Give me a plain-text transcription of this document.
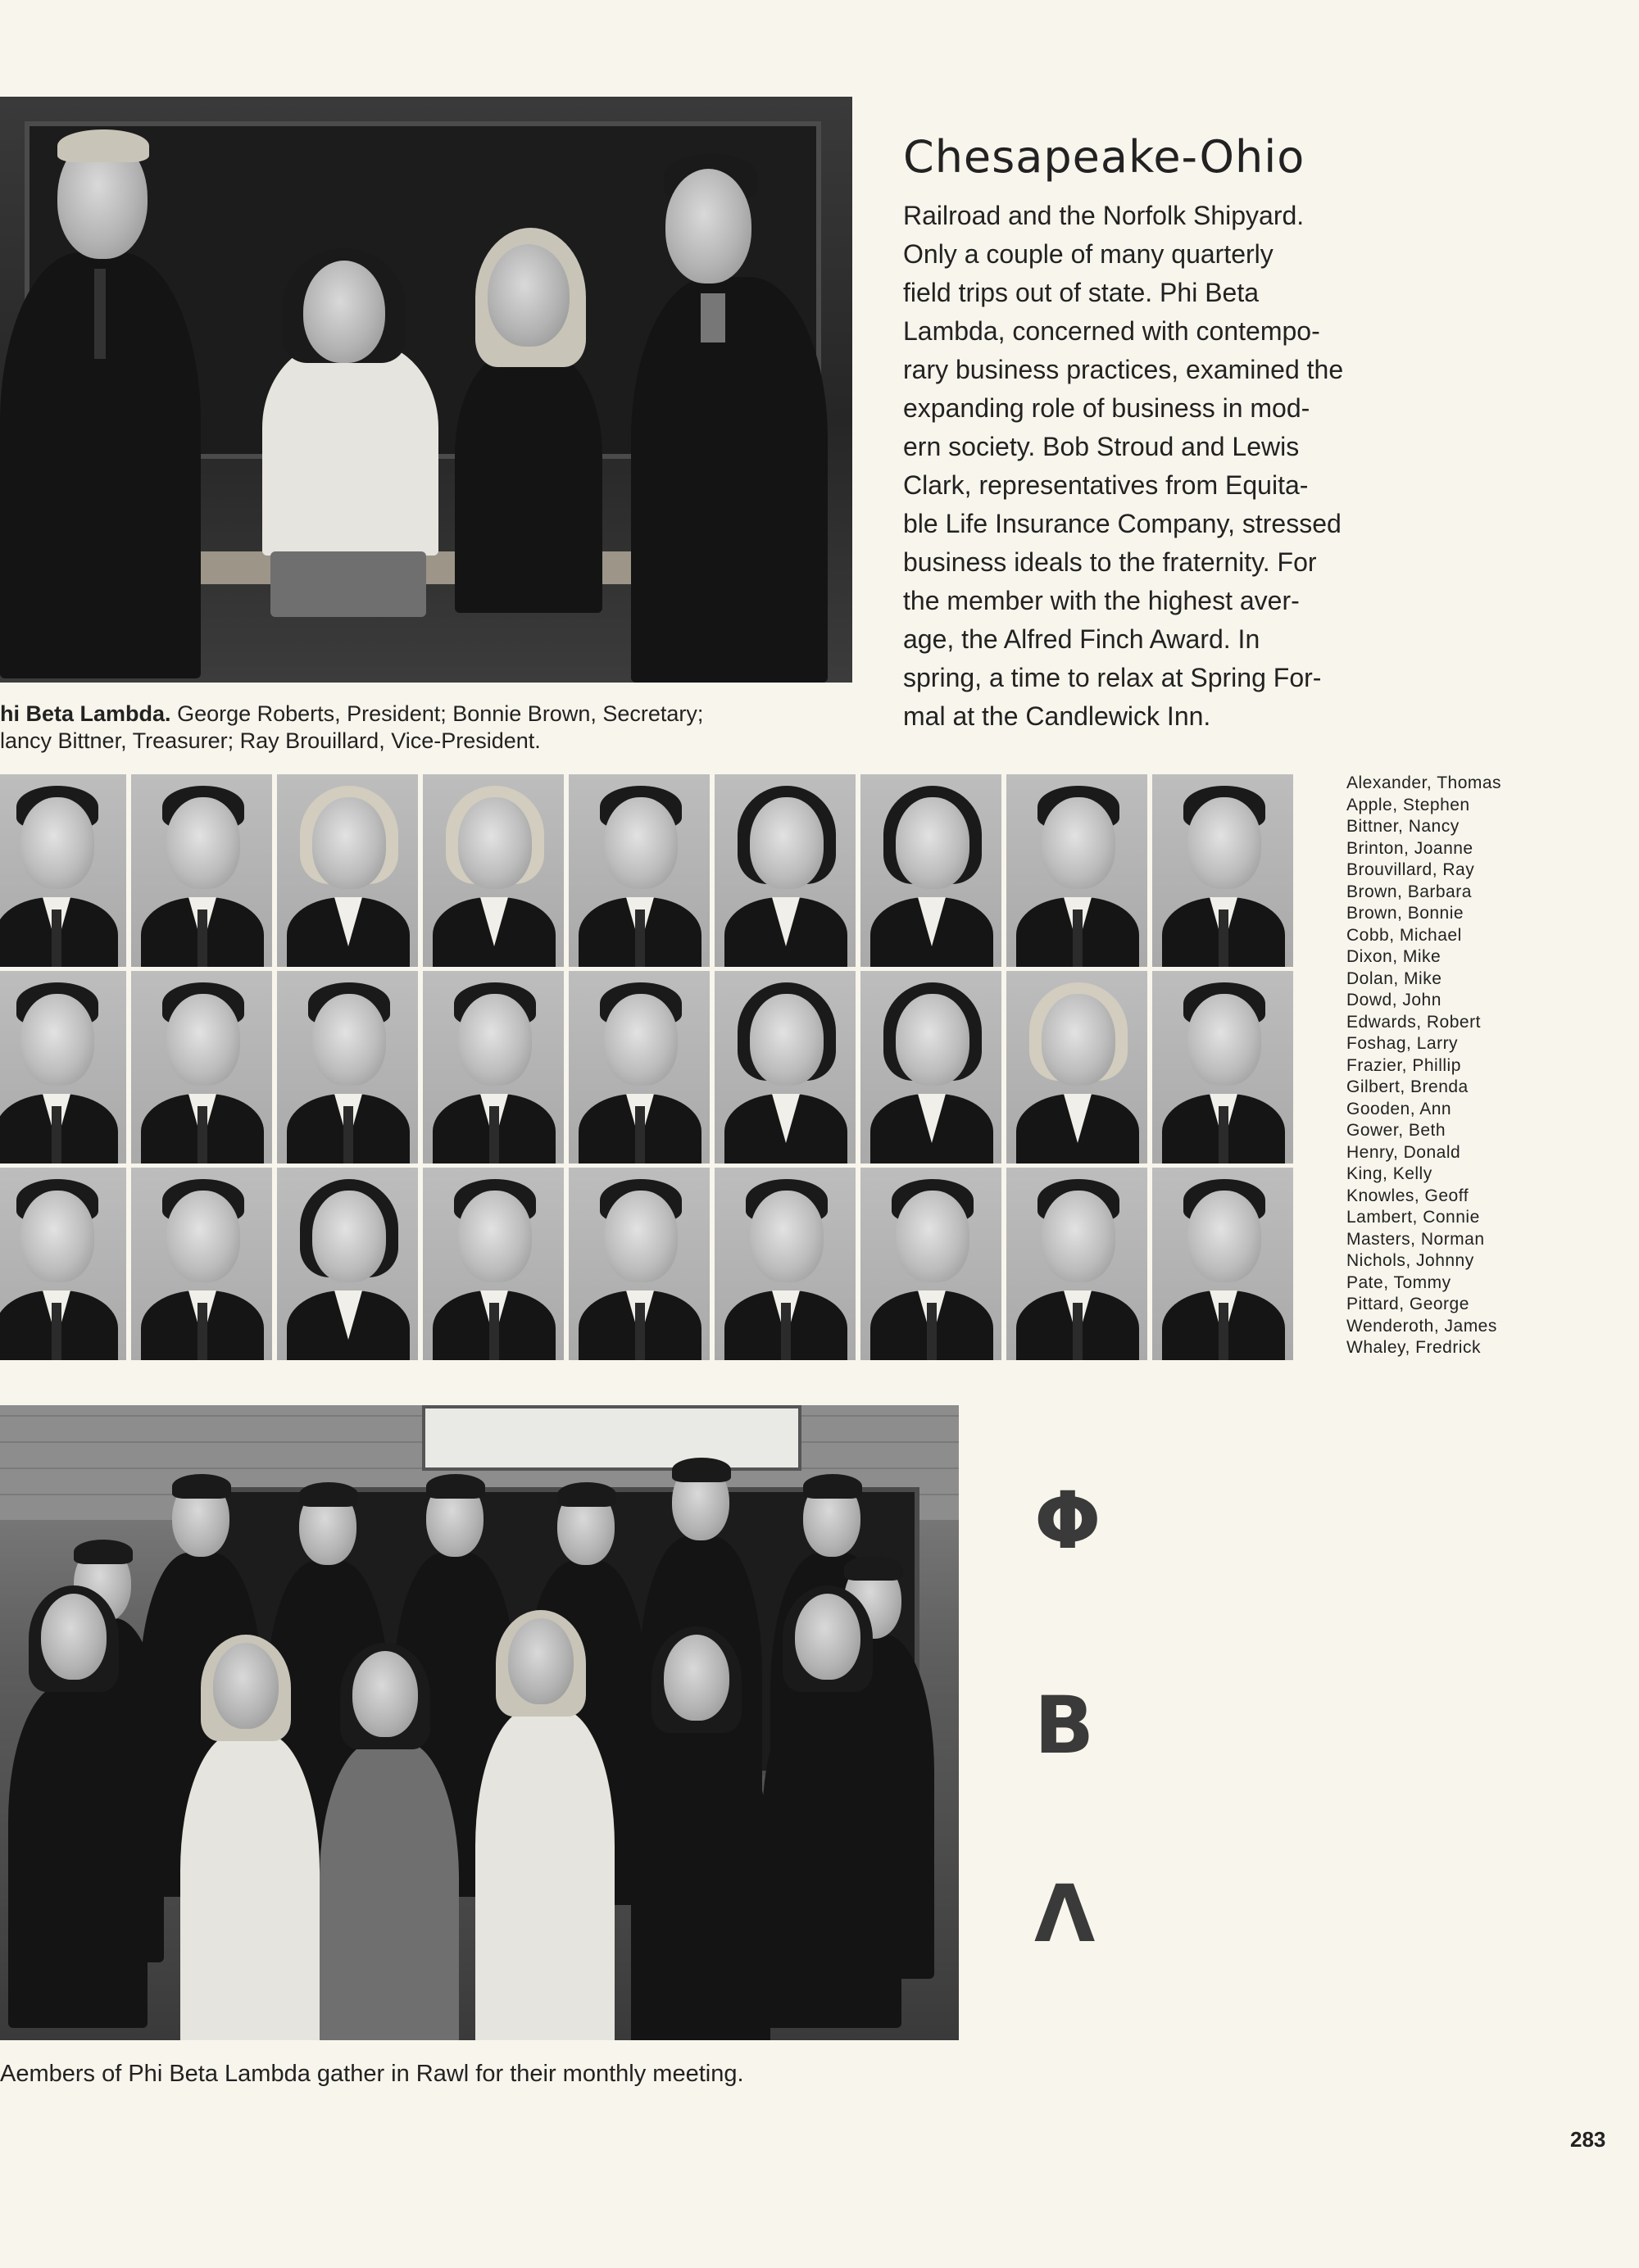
hi Beta Lambda. George Roberts, President; Bonnie Brown, Secretary;
lancy Bittner, Treasurer; Ray Brouillard, Vice-President.
Chesapeake-Ohio
Railroad and the Norfolk Shipyard.
Only a couple of many quarterly
field trips out of state. Phi Beta
Lambda, concerned with contempo-
rary business practices, examined the
expanding role of business in mod-
ern society. Bob Stroud and Lewis
Clark, representatives from Equita-
ble Life Insurance Company, stressed
business ideals to the fraternity. For
the member with the highest aver-
age, the Alfred Finch Award. In
spring, a time to relax at Spring For-
mal at the Candlewick Inn.
Alexander, Thomas
Apple, Stephen
Bittner, Nancy
Brinton, Joanne
Brouvillard, Ray
Brown, Barbara
Brown, Bonnie
Cobb, Michael
Dixon, Mike
Dolan, Mike
Dowd, John
Edwards, Robert
Foshag, Larry
Frazier, Phillip
Gilbert, Brenda
Gooden, Ann
Gower, Beth
Henry, Donald
King, Kelly
Knowles, Geoff
Lambert, Connie
Masters, Norman
Nichols, Johnny
Pate, Tommy
Pittard, George
Wenderoth, James
Whaley, Fredrick
Aembers of Phi Beta Lambda gather in Rawl for their monthly meeting.
Φ
Β
Λ
283
